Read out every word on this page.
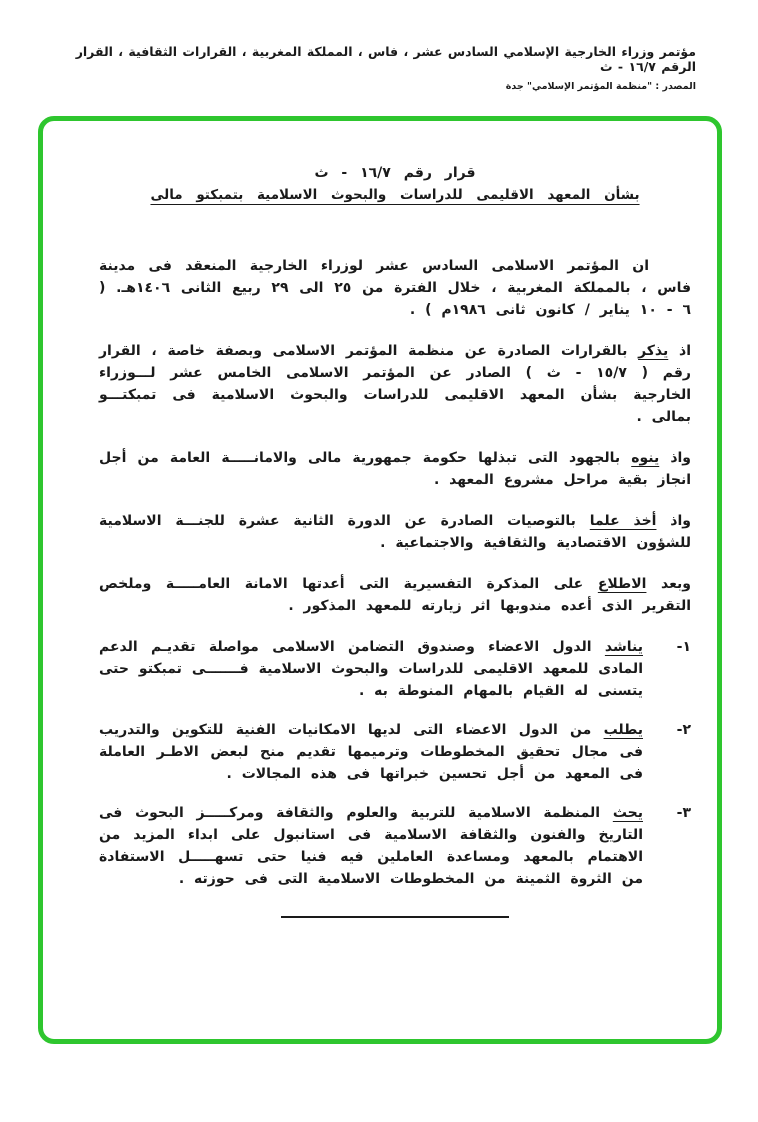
مؤتمر وزراء الخارجية الإسلامي السادس عشر ، فاس ، المملكة المغربية ، القرارات الثقافية ، القرار الرقم ١٦/٧ - ث
المصدر : "منظمة المؤتمر الإسلامي" جدة
قرار رقم ١٦/٧ - ث
بشأن المعهد الاقليمى للدراسات والبحوث الاسلامية بتمبكتو مالى
ان المؤتمر الاسلامى السادس عشر لوزراء الخارجية المنعقد فى مدينة فاس ، بالمملكة المغربية ، خلال الفترة من ٢٥ الى ٢٩ ربيع الثانى ١٤٠٦هـ. ( ٦ - ١٠ يناير / كانون ثانى ١٩٨٦م ) .
اذ يذكر بالقرارات الصادرة عن منظمة المؤتمر الاسلامى وبصفة خاصة ، القرار رقم ( ١٥/٧ - ث ) الصادر عن المؤتمر الاسلامى الخامس عشر لـــوزراء الخارجية بشأن المعهد الاقليمى للدراسات والبحوث الاسلامية فى تمبكتـــو بمالى .
واذ ينوه بالجهود التى تبذلها حكومة جمهورية مالى والامانـــــة العامة من أجل انجاز بقية مراحل مشروع المعهد .
واذ أخذ علما بالتوصيات الصادرة عن الدورة الثانية عشرة للجنـــة الاسلامية للشؤون الاقتصادية والثقافية والاجتماعية .
وبعد الاطلاع على المذكرة التفسيرية التى أعدتها الامانة العامـــــة وملخص التقرير الذى أعده مندوبها اثر زيارته للمعهد المذكور .
١-
يناشد الدول الاعضاء وصندوق التضامن الاسلامى مواصلة تقديـم الدعم المادى للمعهد الاقليمى للدراسات والبحوث الاسلامية فـــــــى تمبكتو حتى يتسنى له القيام بالمهام المنوطة به .
٢-
يطلب من الدول الاعضاء التى لديها الامكانيات الفنية للتكوين والتدريب فى مجال تحقيق المخطوطات وترميمها تقديم منح لبعض الاطـر العاملة فى المعهد من أجل تحسين خبراتها فى هذه المجالات .
٣-
يحث المنظمة الاسلامية للتربية والعلوم والثقافة ومركـــــز البحوث فى التاريخ والفنون والثقافة الاسلامية فى استانبول على ابداء المزيد من الاهتمام بالمعهد ومساعدة العاملين فيه فنيا حتى تسهـــــل الاستفادة من الثروة الثمينة من المخطوطات الاسلامية التى فى حوزته .
